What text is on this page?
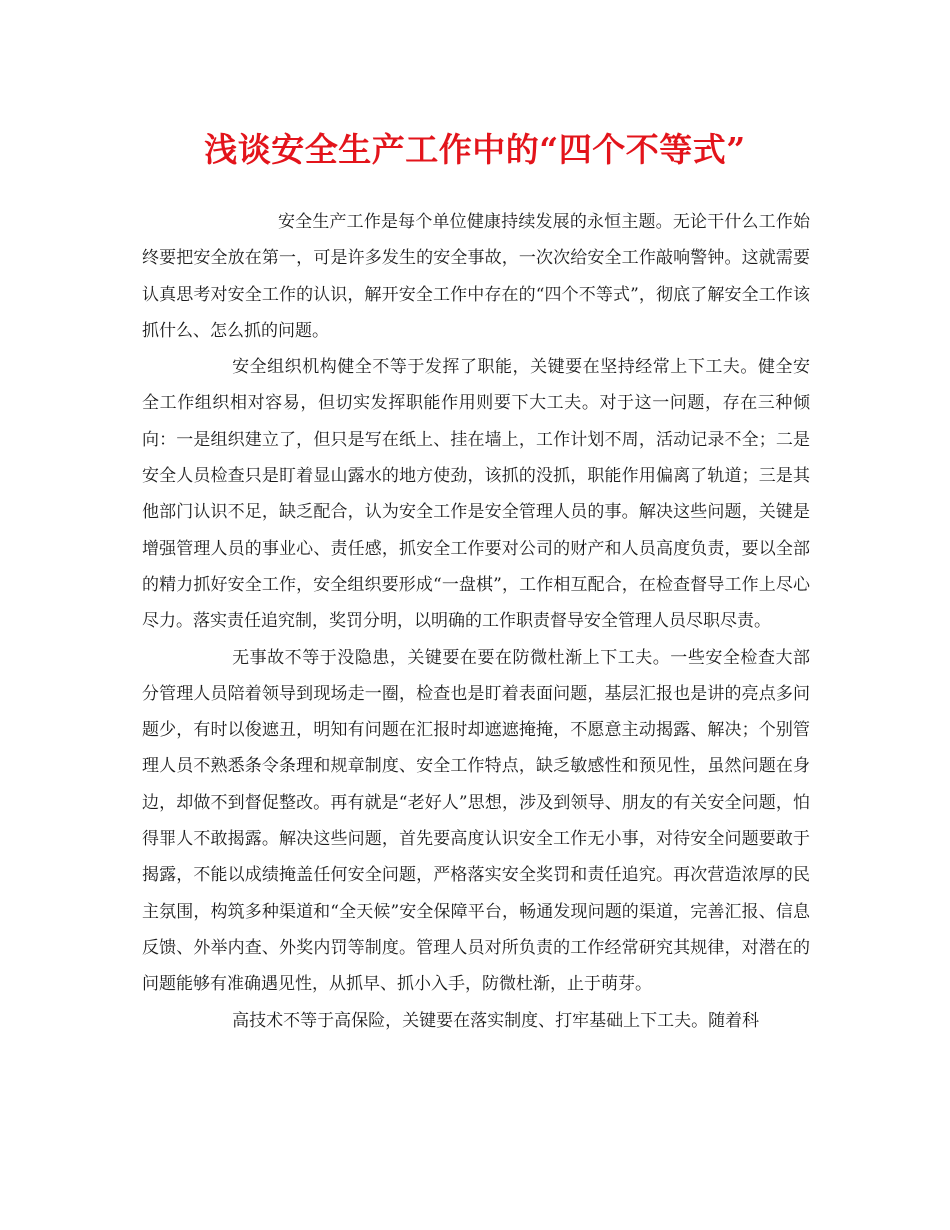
浅谈安全生产工作中的“四个不等式”

安全生产工作是每个单位健康持续发展的永恒主题。无论干什么工作始终要把安全放在第一，可是许多发生的安全事故，一次次给安全工作敲响警钟。这就需要认真思考对安全工作的认识，解开安全工作中存在的“四个不等式”，彻底了解安全工作该抓什么、怎么抓的问题。

安全组织机构健全不等于发挥了职能，关键要在坚持经常上下工夫。健全安全工作组织相对容易，但切实发挥职能作用则要下大工夫。对于这一问题，存在三种倾向：一是组织建立了，但只是写在纸上、挂在墙上，工作计划不周，活动记录不全；二是安全人员检查只是盯着显山露水的地方使劲，该抓的没抓，职能作用偏离了轨道；三是其他部门认识不足，缺乏配合，认为安全工作是安全管理人员的事。解决这些问题，关键是增强管理人员的事业心、责任感，抓安全工作要对公司的财产和人员高度负责，要以全部的精力抓好安全工作，安全组织要形成“一盘棋”，工作相互配合，在检查督导工作上尽心尽力。落实责任追究制，奖罚分明，以明确的工作职责督导安全管理人员尽职尽责。

无事故不等于没隐患，关键要在要在防微杜渐上下工夫。一些安全检查大部分管理人员陪着领导到现场走一圈，检查也是盯着表面问题，基层汇报也是讲的亮点多问题少，有时以俊遮丑，明知有问题在汇报时却遮遮掩掩，不愿意主动揭露、解决；个别管理人员不熟悉条令条理和规章制度、安全工作特点，缺乏敏感性和预见性，虽然问题在身边，却做不到督促整改。再有就是“老好人”思想，涉及到领导、朋友的有关安全问题，怕得罪人不敢揭露。解决这些问题，首先要高度认识安全工作无小事，对待安全问题要敢于揭露，不能以成绩掩盖任何安全问题，严格落实安全奖罚和责任追究。再次营造浓厚的民主氛围，构筑多种渠道和“全天候”安全保障平台，畅通发现问题的渠道，完善汇报、信息反馈、外举内查、外奖内罚等制度。管理人员对所负责的工作经常研究其规律，对潜在的问题能够有准确遇见性，从抓早、抓小入手，防微杜渐，止于萌芽。

高技术不等于高保险，关键要在落实制度、打牢基础上下工夫。随着科
